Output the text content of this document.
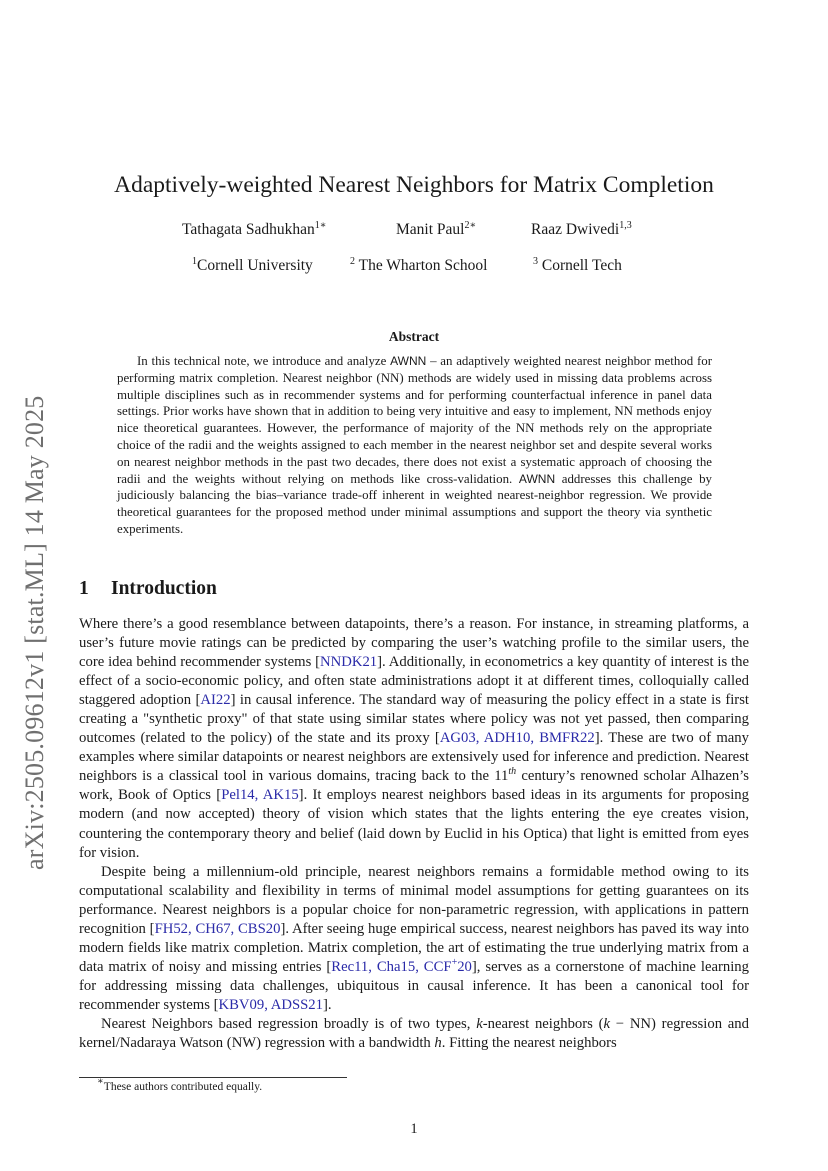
arXiv:2505.09612v1 [stat.ML] 14 May 2025
Adaptively-weighted Nearest Neighbors for Matrix Completion
Tathagata Sadhukhan$^{1∗}$	Manit Paul$^{2∗}$	Raaz Dwivedi$^{1,3}$
$^1$Cornell University	$^2$ The Wharton School	$^3$ Cornell Tech
Abstract

In this technical note, we introduce and analyze AWNN – an adaptively weighted nearest neighbor method for performing matrix completion. Nearest neighbor (NN) methods are widely used in missing data problems across multiple disciplines such as in recommender systems and for performing counterfactual inference in panel data settings. Prior works have shown that in addition to being very intuitive and easy to implement, NN methods enjoy nice theoretical guarantees. However, the performance of majority of the NN methods rely on the appropriate choice of the radii and the weights assigned to each member in the nearest neighbor set and despite several works on nearest neighbor methods in the past two decades, there does not exist a systematic approach of choosing the radii and the weights without relying on methods like cross-validation. AWNN addresses this challenge by judiciously balancing the bias–variance trade-off inherent in weighted nearest-neighbor regression. We provide theoretical guarantees for the proposed method under minimal assumptions and support the theory via synthetic experiments.

1 Introduction

Where there’s a good resemblance between datapoints, there’s a reason. For instance, in streaming platforms, a user’s future movie ratings can be predicted by comparing the user’s watching profile to the similar users, the core idea behind recommender systems [NNDK21]. Additionally, in econometrics a key quantity of interest is the effect of a socio-economic policy, and often state administrations adopt it at different times, colloquially called staggered adoption [AI22] in causal inference. The standard way of measuring the policy effect in a state is first creating a "synthetic proxy" of that state using similar states where policy was not yet passed, then comparing outcomes (related to the policy) of the state and its proxy [AG03, ADH10, BMFR22]. These are two of many examples where similar datapoints or nearest neighbors are extensively used for inference and prediction. Nearest neighbors is a classical tool in various domains, tracing back to the 11th century’s renowned scholar Alhazen’s work, Book of Optics [Pel14, AK15]. It employs nearest neighbors based ideas in its arguments for proposing modern (and now accepted) theory of vision which states that the lights entering the eye creates vision, countering the contemporary theory and belief (laid down by Euclid in his Optica) that light is emitted from eyes for vision.

Despite being a millennium-old principle, nearest neighbors remains a formidable method owing to its computational scalability and flexibility in terms of minimal model assumptions for getting guarantees on its performance. Nearest neighbors is a popular choice for non-parametric regression, with applications in pattern recognition [FH52, CH67, CBS20]. After seeing huge empirical success, nearest neighbors has paved its way into modern fields like matrix completion. Matrix completion, the art of estimating the true underlying matrix from a data matrix of noisy and missing entries [Rec11, Cha15, CCF+20], serves as a cornerstone of machine learning for addressing missing data challenges, ubiquitous in causal inference. It has been a canonical tool for recommender systems [KBV09, ADSS21].

Nearest Neighbors based regression broadly is of two types, k-nearest neighbors (k − NN) regression and kernel/Nadaraya Watson (NW) regression with a bandwidth h. Fitting the nearest neighbors

∗These authors contributed equally.
1
